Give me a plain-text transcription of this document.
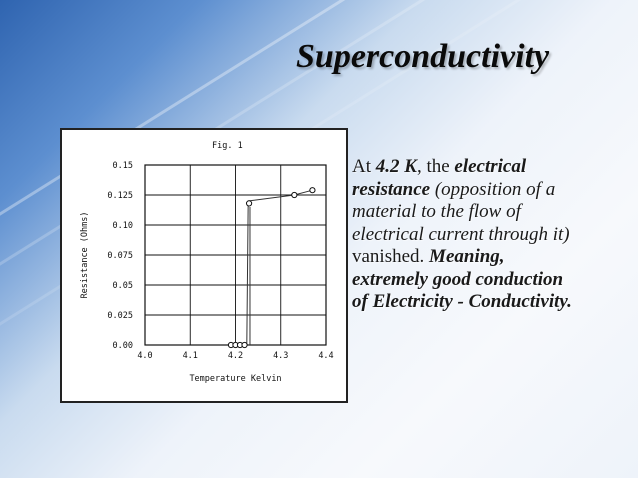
Superconductivity
Fig. 1
4.0	4.1	4.2	4.3	4.4
0.00
0.025
0.05
0.075
0.10
0.125
0.15
Temperature Kelvin
Resistance (Ohms)
At 4.2 K, the electrical resistance (opposition of a material to the flow of electrical current through it) vanished. Meaning, extremely good conduction of Electricity - Conductivity.
